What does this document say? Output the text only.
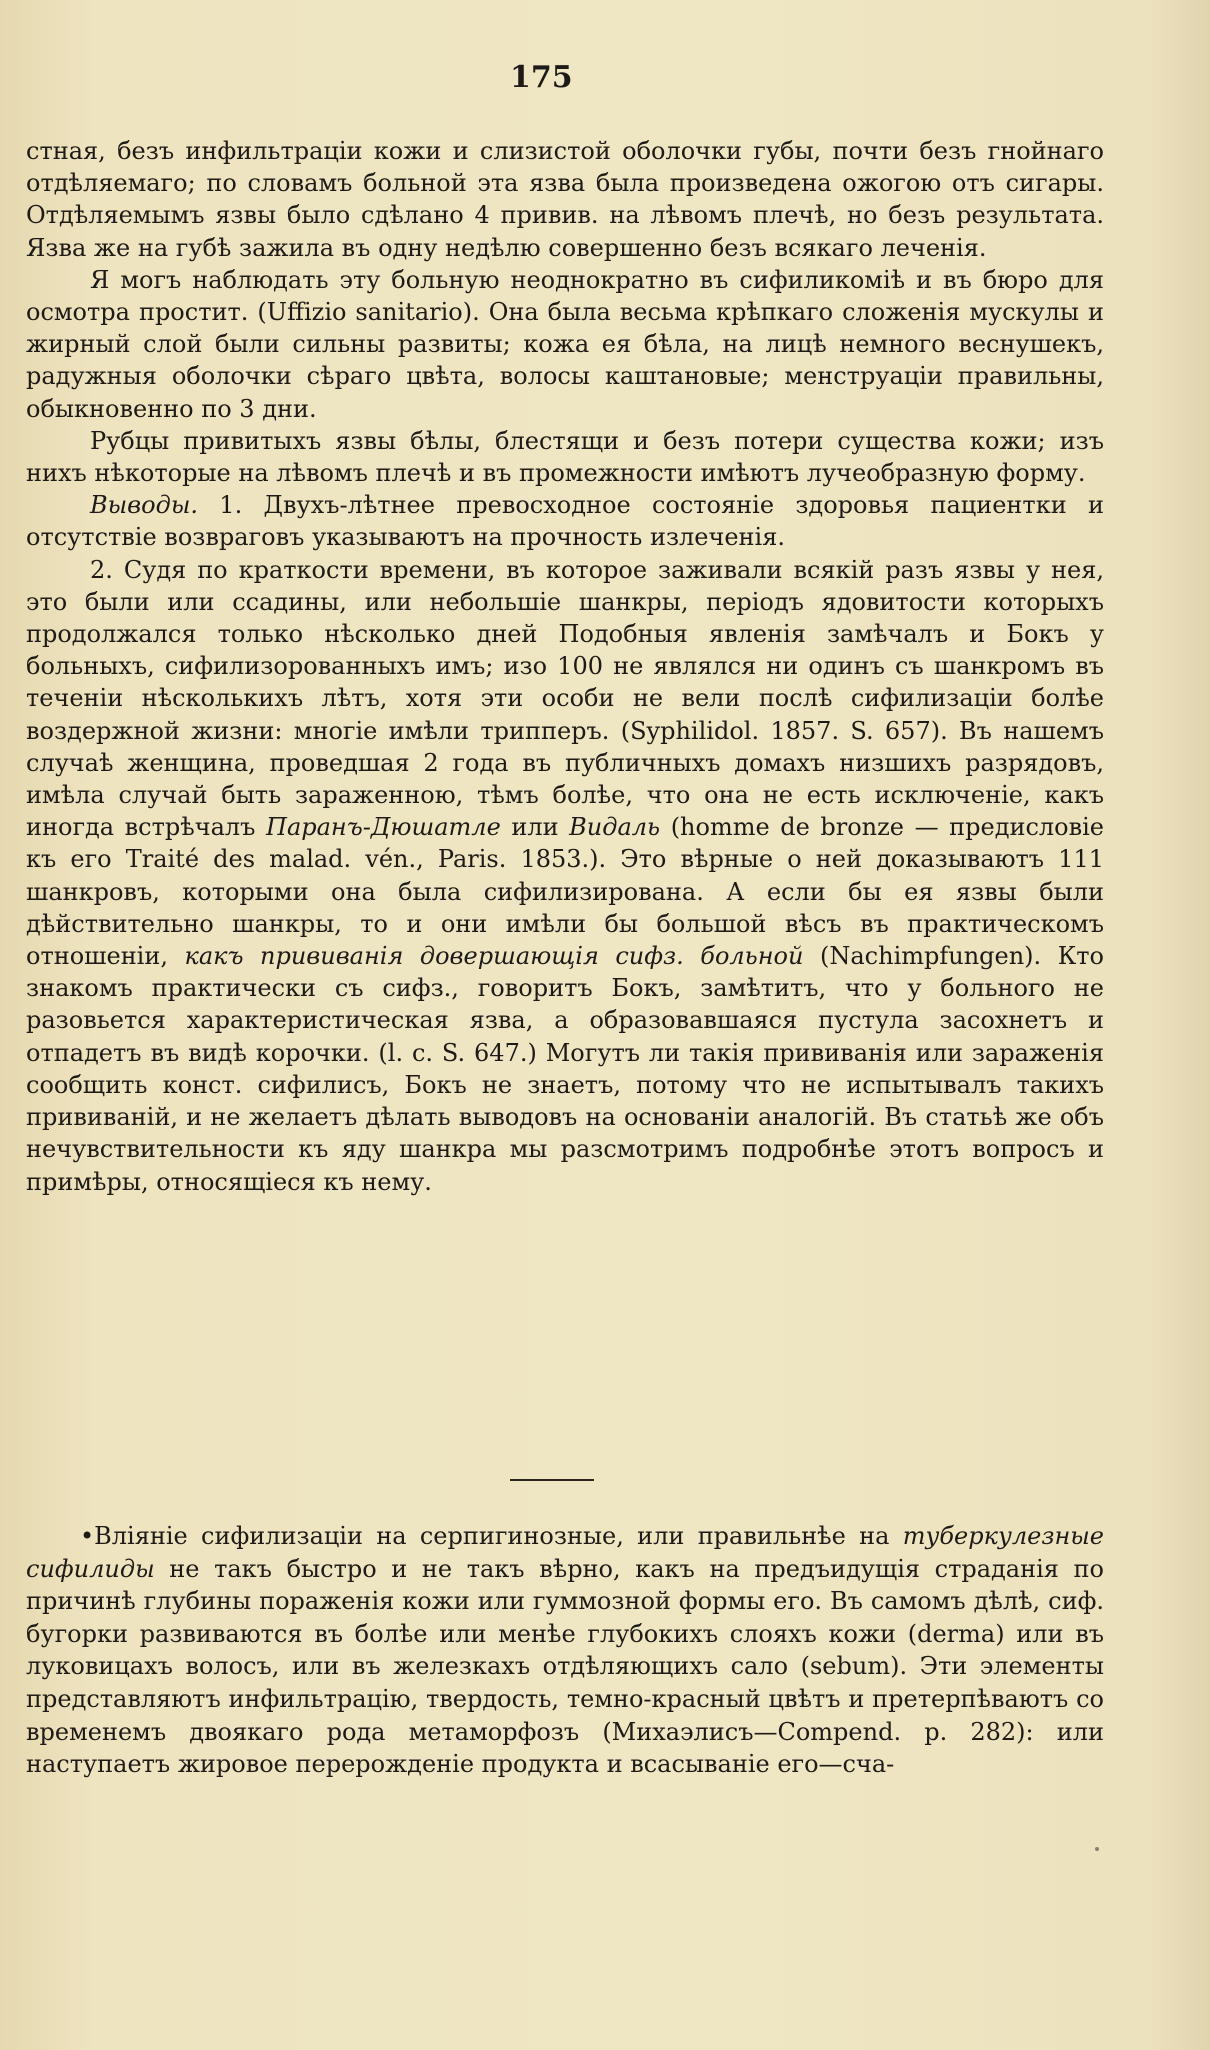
175

стная, безъ инфильтраціи кожи и слизистой оболочки губы, почти безъ гнойнаго отдѣляемаго; по словамъ больной эта язва была произведена ожогою отъ сигары. Отдѣляемымъ язвы было сдѣлано 4 привив. на лѣвомъ плечѣ, но безъ результата. Язва же на губѣ зажила въ одну недѣлю совершенно безъ всякаго леченія.

Я могъ наблюдать эту больную неоднократно въ сифиликоміѣ и въ бюро для осмотра простит. (Uffizio sanitario). Она была весьма крѣпкаго сложенія мускулы и жирный слой были сильны развиты; кожа ея бѣла, на лицѣ немного веснушекъ, радужныя оболочки сѣраго цвѣта, волосы каштановые; менструаціи правильны, обыкновенно по 3 дни.

Рубцы привитыхъ язвы бѣлы, блестящи и безъ потери существа кожи; изъ нихъ нѣкоторые на лѣвомъ плечѣ и въ промежности имѣютъ лучеобразную форму.

Выводы. 1. Двухъ-лѣтнее превосходное состояніе здоровья пациентки и отсутствіе возвраговъ указываютъ на прочность излеченія.

2. Судя по краткости времени, въ которое заживали всякій разъ язвы у нея, это были или ссадины, или небольшіе шанкры, періодъ ядовитости которыхъ продолжался только нѣсколько дней Подобныя явленія замѣчалъ и Бокъ у больныхъ, сифилизорованныхъ имъ; изо 100 не являлся ни одинъ съ шанкромъ въ теченіи нѣсколькихъ лѣтъ, хотя эти особи не вели послѣ сифилизаціи болѣе воздержной жизни: многіе имѣли трипперъ. (Syphilidol. 1857. S. 657). Въ нашемъ случаѣ женщина, проведшая 2 года въ публичныхъ домахъ низшихъ разрядовъ, имѣла случай быть зараженною, тѣмъ болѣе, что она не есть исключеніе, какъ иногда встрѣчалъ Паранъ-Дюшатле или Видаль (homme de bronze — предисловіе къ его Traité des malad. vén., Paris. 1853.). Это вѣрные о ней доказываютъ 111 шанкровъ, которыми она была сифилизирована. А если бы ея язвы были дѣйствительно шанкры, то и они имѣли бы большой вѣсъ въ практическомъ отношеніи, какъ прививанія довершающія сифз. больной (Nachimpfungen). Кто знакомъ практически съ сифз., говоритъ Бокъ, замѣтитъ, что у больного не разовьется характеристическая язва, а образовавшаяся пустула засохнетъ и отпадетъ въ видѣ корочки. (l. c. S. 647.) Могутъ ли такія прививанія или зараженія сообщить конст. сифилисъ, Бокъ не знаетъ, потому что не испытывалъ такихъ прививаній, и не желаетъ дѣлать выводовъ на основаніи аналогій. Въ статьѣ же объ нечувствительности къ яду шанкра мы разсмотримъ подробнѣе этотъ вопросъ и примѣры, относящіеся къ нему.

•Вліяніе сифилизаціи на серпигинозные, или правильнѣе на туберкулезные сифилиды не такъ быстро и не такъ вѣрно, какъ на предъидущія страданія по причинѣ глубины пораженія кожи или гуммозной формы его. Въ самомъ дѣлѣ, сиф. бугорки развиваются въ болѣе или менѣе глубокихъ слояхъ кожи (derma) или въ луковицахъ волосъ, или въ железкахъ отдѣляющихъ сало (sebum). Эти элементы представляютъ инфильтрацію, твердость, темно-красный цвѣтъ и претерпѣваютъ со временемъ двоякаго рода метаморфозъ (Михаэлисъ—Compend. p. 282): или наступаетъ жировое перерожденіе продукта и всасываніе его—сча-
